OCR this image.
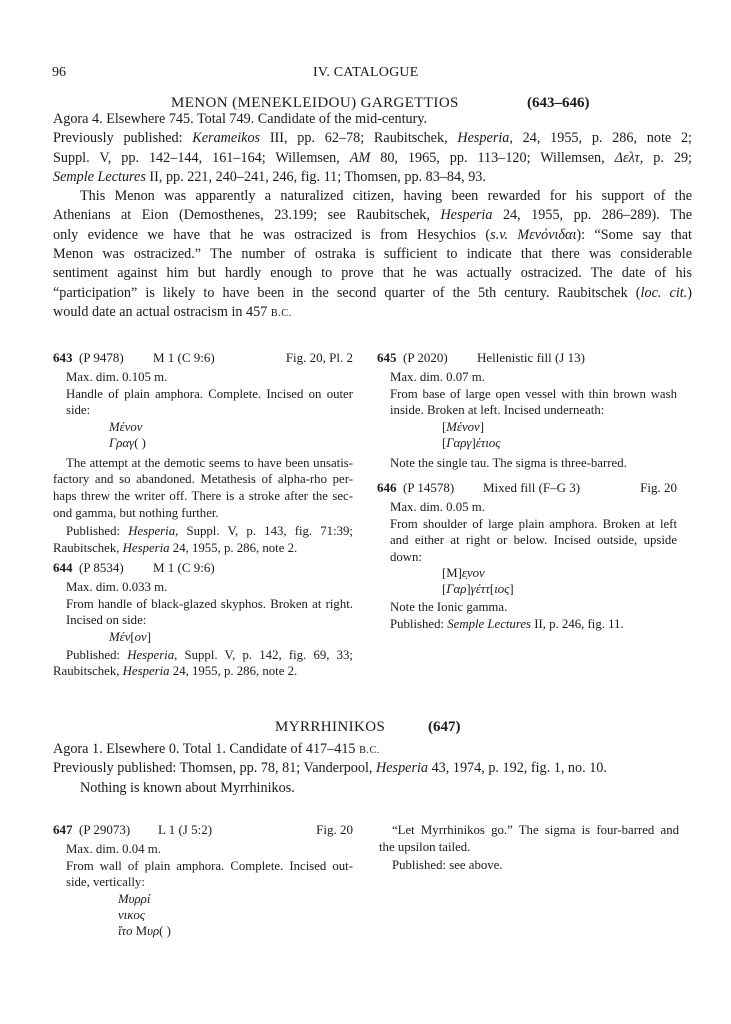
96	IV. CATALOGUE
MENON (MENEKLEIDOU) GARGETTIOS	(643–646)
Agora 4. Elsewhere 745. Total 749. Candidate of the mid-century.
Previously published: Kerameikos III, pp. 62–78; Raubitschek, Hesperia, 24, 1955, p. 286, note 2;
Suppl. V, pp. 142–144, 161–164; Willemsen, AM 80, 1965, pp. 113–120; Willemsen, Δελτ, p. 29;
Semple Lectures II, pp. 221, 240–241, 246, fig. 11; Thomsen, pp. 83–84, 93.
This Menon was apparently a naturalized citizen, having been rewarded for his support of the
Athenians at Eion (Demosthenes, 23.199; see Raubitschek, Hesperia 24, 1955, pp. 286–289). The
only evidence we have that he was ostracized is from Hesychios (s.v. Μενόνιδαι): “Some say that
Menon was ostracized.” The number of ostraka is sufficient to indicate that there was considerable
sentiment against him but hardly enough to prove that he was actually ostracized. The date of his
“participation” is likely to have been in the second quarter of the 5th century. Raubitschek (loc. cit.)
would date an actual ostracism in 457 B.C.
643 (P 9478) M 1 (C 9:6)	Fig. 20, Pl. 2
Max. dim. 0.105 m.
Handle of plain amphora. Complete. Incised on outer
side:
Μένον
Γραγ( )
The attempt at the demotic seems to have been unsatis-
factory and so abandoned. Metathesis of alpha-rho per-
haps threw the writer off. There is a stroke after the sec-
ond gamma, but nothing further.
Published: Hesperia, Suppl. V, p. 143, fig. 71:39;
Raubitschek, Hesperia 24, 1955, p. 286, note 2.
644 (P 8534) M 1 (C 9:6)
Max. dim. 0.033 m.
From handle of black-glazed skyphos. Broken at right.
Incised on side:
Μέν[ον]
Published: Hesperia, Suppl. V, p. 142, fig. 69, 33;
Raubitschek, Hesperia 24, 1955, p. 286, note 2.
645 (P 2020) Hellenistic fill (J 13)
Max. dim. 0.07 m.
From base of large open vessel with thin brown wash
inside. Broken at left. Incised underneath:
[Μένον]
[Γαργ]έτιος
Note the single tau. The sigma is three-barred.
646 (P 14578) Mixed fill (F–G 3)	Fig. 20
Max. dim. 0.05 m.
From shoulder of large plain amphora. Broken at left
and either at right or below. Incised outside, upside
down:
[Μ]ε̣νον
[Γαρ]γέττ[ιος]
Note the Ionic gamma.
Published: Semple Lectures II, p. 246, fig. 11.
MYRRHINIKOS	(647)
Agora 1. Elsewhere 0. Total 1. Candidate of 417–415 B.C.
Previously published: Thomsen, pp. 78, 81; Vanderpool, Hesperia 43, 1974, p. 192, fig. 1, no. 10.
Nothing is known about Myrrhinikos.
647 (P 29073) L 1 (J 5:2)	Fig. 20
Max. dim. 0.04 m.
From wall of plain amphora. Complete. Incised out-
side, vertically:
Μυρρί
νικος
ἴτο Μυρ( )
“Let Myrrhinikos go.” The sigma is four-barred and
the upsilon tailed.
Published: see above.
